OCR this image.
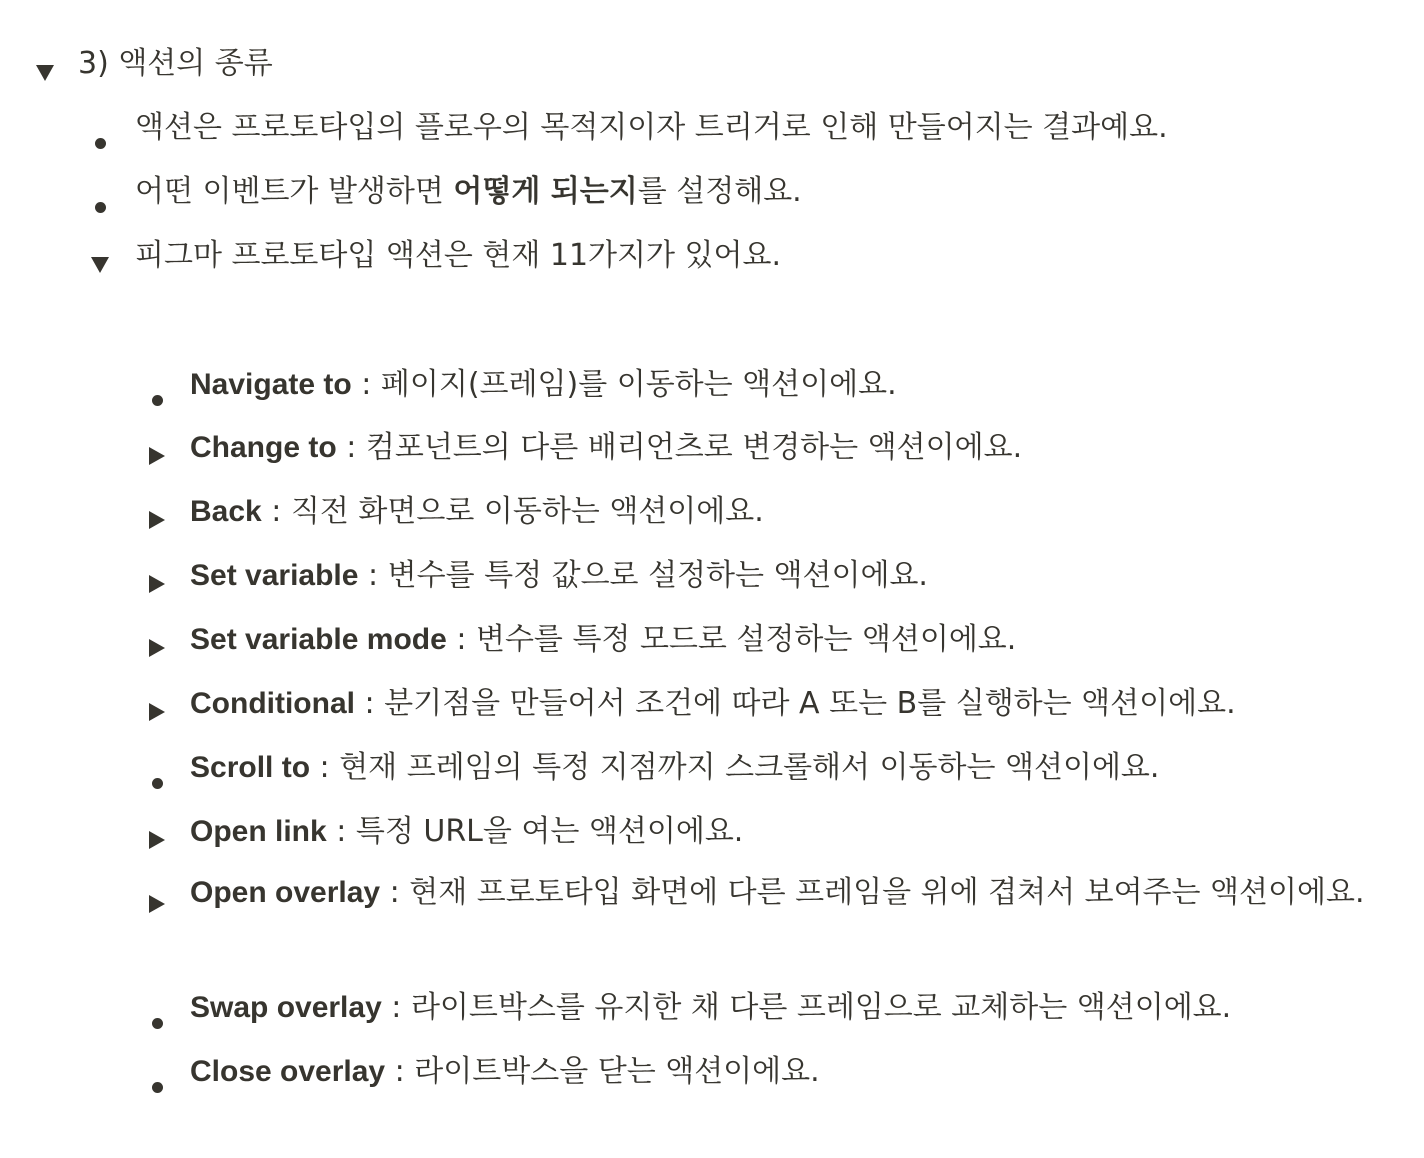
3) 액션의 종류
액션은 프로토타입의 플로우의 목적지이자 트리거로 인해 만들어지는 결과예요.
어떤 이벤트가 발생하면 어떻게 되는지를 설정해요.
피그마 프로토타입 액션은 현재 11가지가 있어요.
Navigate to : 페이지(프레임)를 이동하는 액션이에요.
Change to : 컴포넌트의 다른 배리언츠로 변경하는 액션이에요.
Back : 직전 화면으로 이동하는 액션이에요.
Set variable : 변수를 특정 값으로 설정하는 액션이에요.
Set variable mode : 변수를 특정 모드로 설정하는 액션이에요.
Conditional : 분기점을 만들어서 조건에 따라 A 또는 B를 실행하는 액션이에요.
Scroll to : 현재 프레임의 특정 지점까지 스크롤해서 이동하는 액션이에요.
Open link : 특정 URL을 여는 액션이에요.
Open overlay : 현재 프로토타입 화면에 다른 프레임을 위에 겹쳐서 보여주는 액션이에요.
Swap overlay : 라이트박스를 유지한 채 다른 프레임으로 교체하는 액션이에요.
Close overlay : 라이트박스을 닫는 액션이에요.
